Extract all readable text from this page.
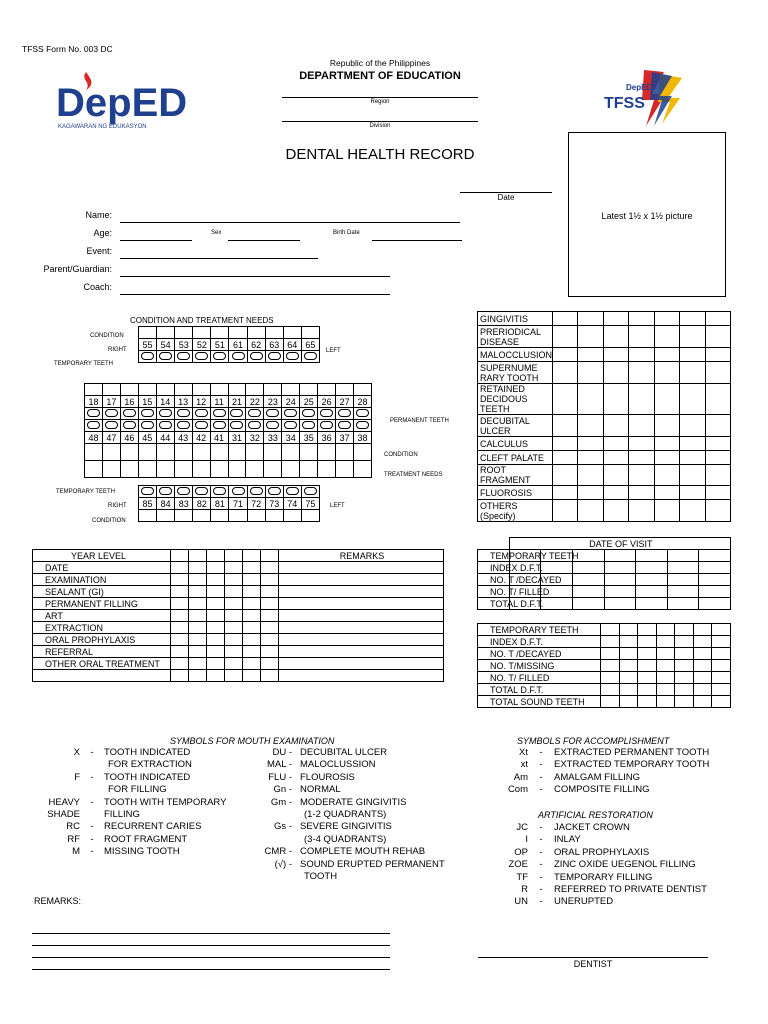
TFSS Form No. 003 DC
Republic of the Philippines
DEPARTMENT OF EDUCATION
Region
Division
DepED
KAGAWARAN NG EDUKASYON
DepED
TFSS
DENTAL HEALTH RECORD
Date
Latest 1½ x 1½ picture
Name:
Age:	Sex	Birth Date
Event:
Parent/Guardian:
Coach:
CONDITION AND TREATMENT NEEDS
CONDITION
RIGHT
TEMPORARY TEETH
LEFT

55	54	53	52	51	61	62	63	64	65

18	17	16	15	14	13	12	11	21	22	23	24	25	26	27	28

48	47	46	45	44	43	42	41	31	32	33	34	35	36	37	38

PERMANENT TEETH
CONDITION
TREATMENT NEEDS

85	84	83	82	81	71	72	73	74	75

TEMPORARY TEETH
RIGHT	LEFT
CONDITION
GINGIVITIS							
PRERIODICAL DISEASE							
MALOCCLUSION							
SUPERNUME RARY TOOTH							
RETAINED DECIDOUS TEETH							
DECUBITAL ULCER							
CALCULUS							
CLEFT PALATE							
ROOT FRAGMENT							
FLUOROSIS							
OTHERS (Specify)							
YEAR LEVEL							REMARKS
DATE							
EXAMINATION							
SEALANT (GI)							
PERMANENT FILLING							
ART							
EXTRACTION							
ORAL PROPHYLAXIS							
REFERRAL							
OTHER ORAL TREATMENT							

	DATE OF VISIT						
TEMPORARY TEETH							
INDEX D.F.T.							
NO. T /DECAYED							
NO. T/ FILLED							
TOTAL D.F.T.							
TEMPORARY TEETH							
INDEX D.F.T.							
NO. T /DECAYED							
NO. T/MISSING							
NO. T/ FILLED							
TOTAL D.F.T.							
TOTAL SOUND TEETH							
SYMBOLS FOR MOUTH EXAMINATION
X - TOOTH INDICATED
FOR EXTRACTION
F - TOOTH INDICATED
FOR FILLING
HEAVY - TOOTH WITH TEMPORARY
SHADE	FILLING
RC - RECURRENT CARIES
RF - ROOT FRAGMENT
M - MISSING TOOTH
DU - DECUBITAL ULCER
MAL - MALOCLUSSION
FLU - FLOUROSIS
Gn - NORMAL
Gm - MODERATE GINGIVITIS
(1-2 QUADRANTS)
Gs - SEVERE GINGIVITIS
(3-4 QUADRANTS)
CMR - COMPLETE MOUTH REHAB
(√) - SOUND ERUPTED PERMANENT
TOOTH
SYMBOLS FOR ACCOMPLISHMENT
Xt - EXTRACTED PERMANENT TOOTH
xt - EXTRACTED TEMPORARY TOOTH
Am - AMALGAM FILLING
Com - COMPOSITE FILLING
ARTIFICIAL RESTORATION
JC - JACKET CROWN
I - INLAY
OP - ORAL PROPHYLAXIS
ZOE - ZINC OXIDE UEGENOL FILLING
TF - TEMPORARY FILLING
R - REFERRED TO PRIVATE DENTIST
UN - UNERUPTED
REMARKS:
DENTIST
